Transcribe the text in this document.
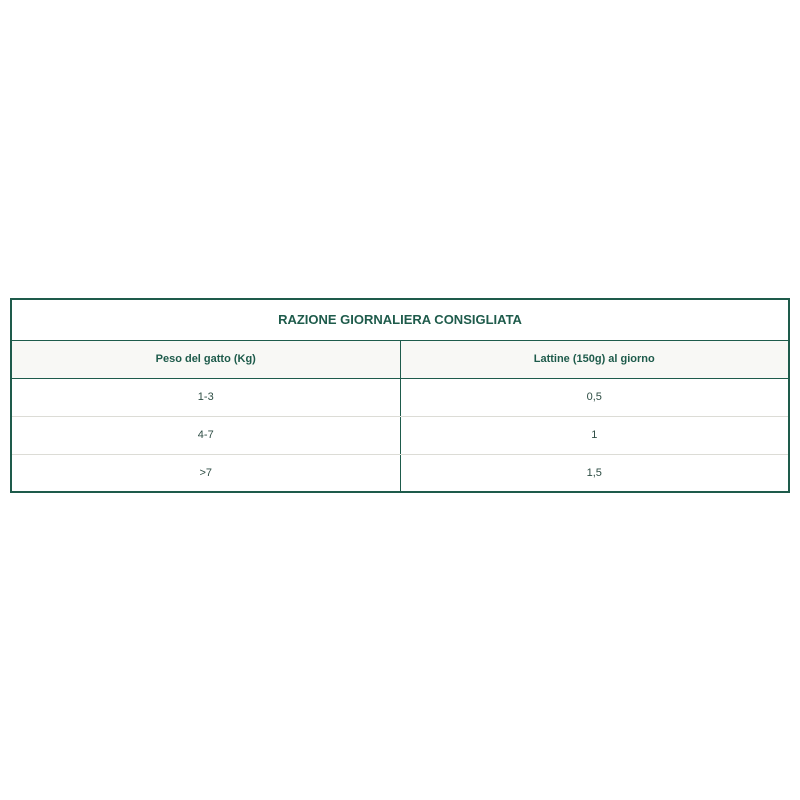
RAZIONE GIORNALIERA CONSIGLIATA	
Peso del gatto (Kg)	Lattine (150g) al giorno
1-3	0,5
4-7	1
>7	1,5
